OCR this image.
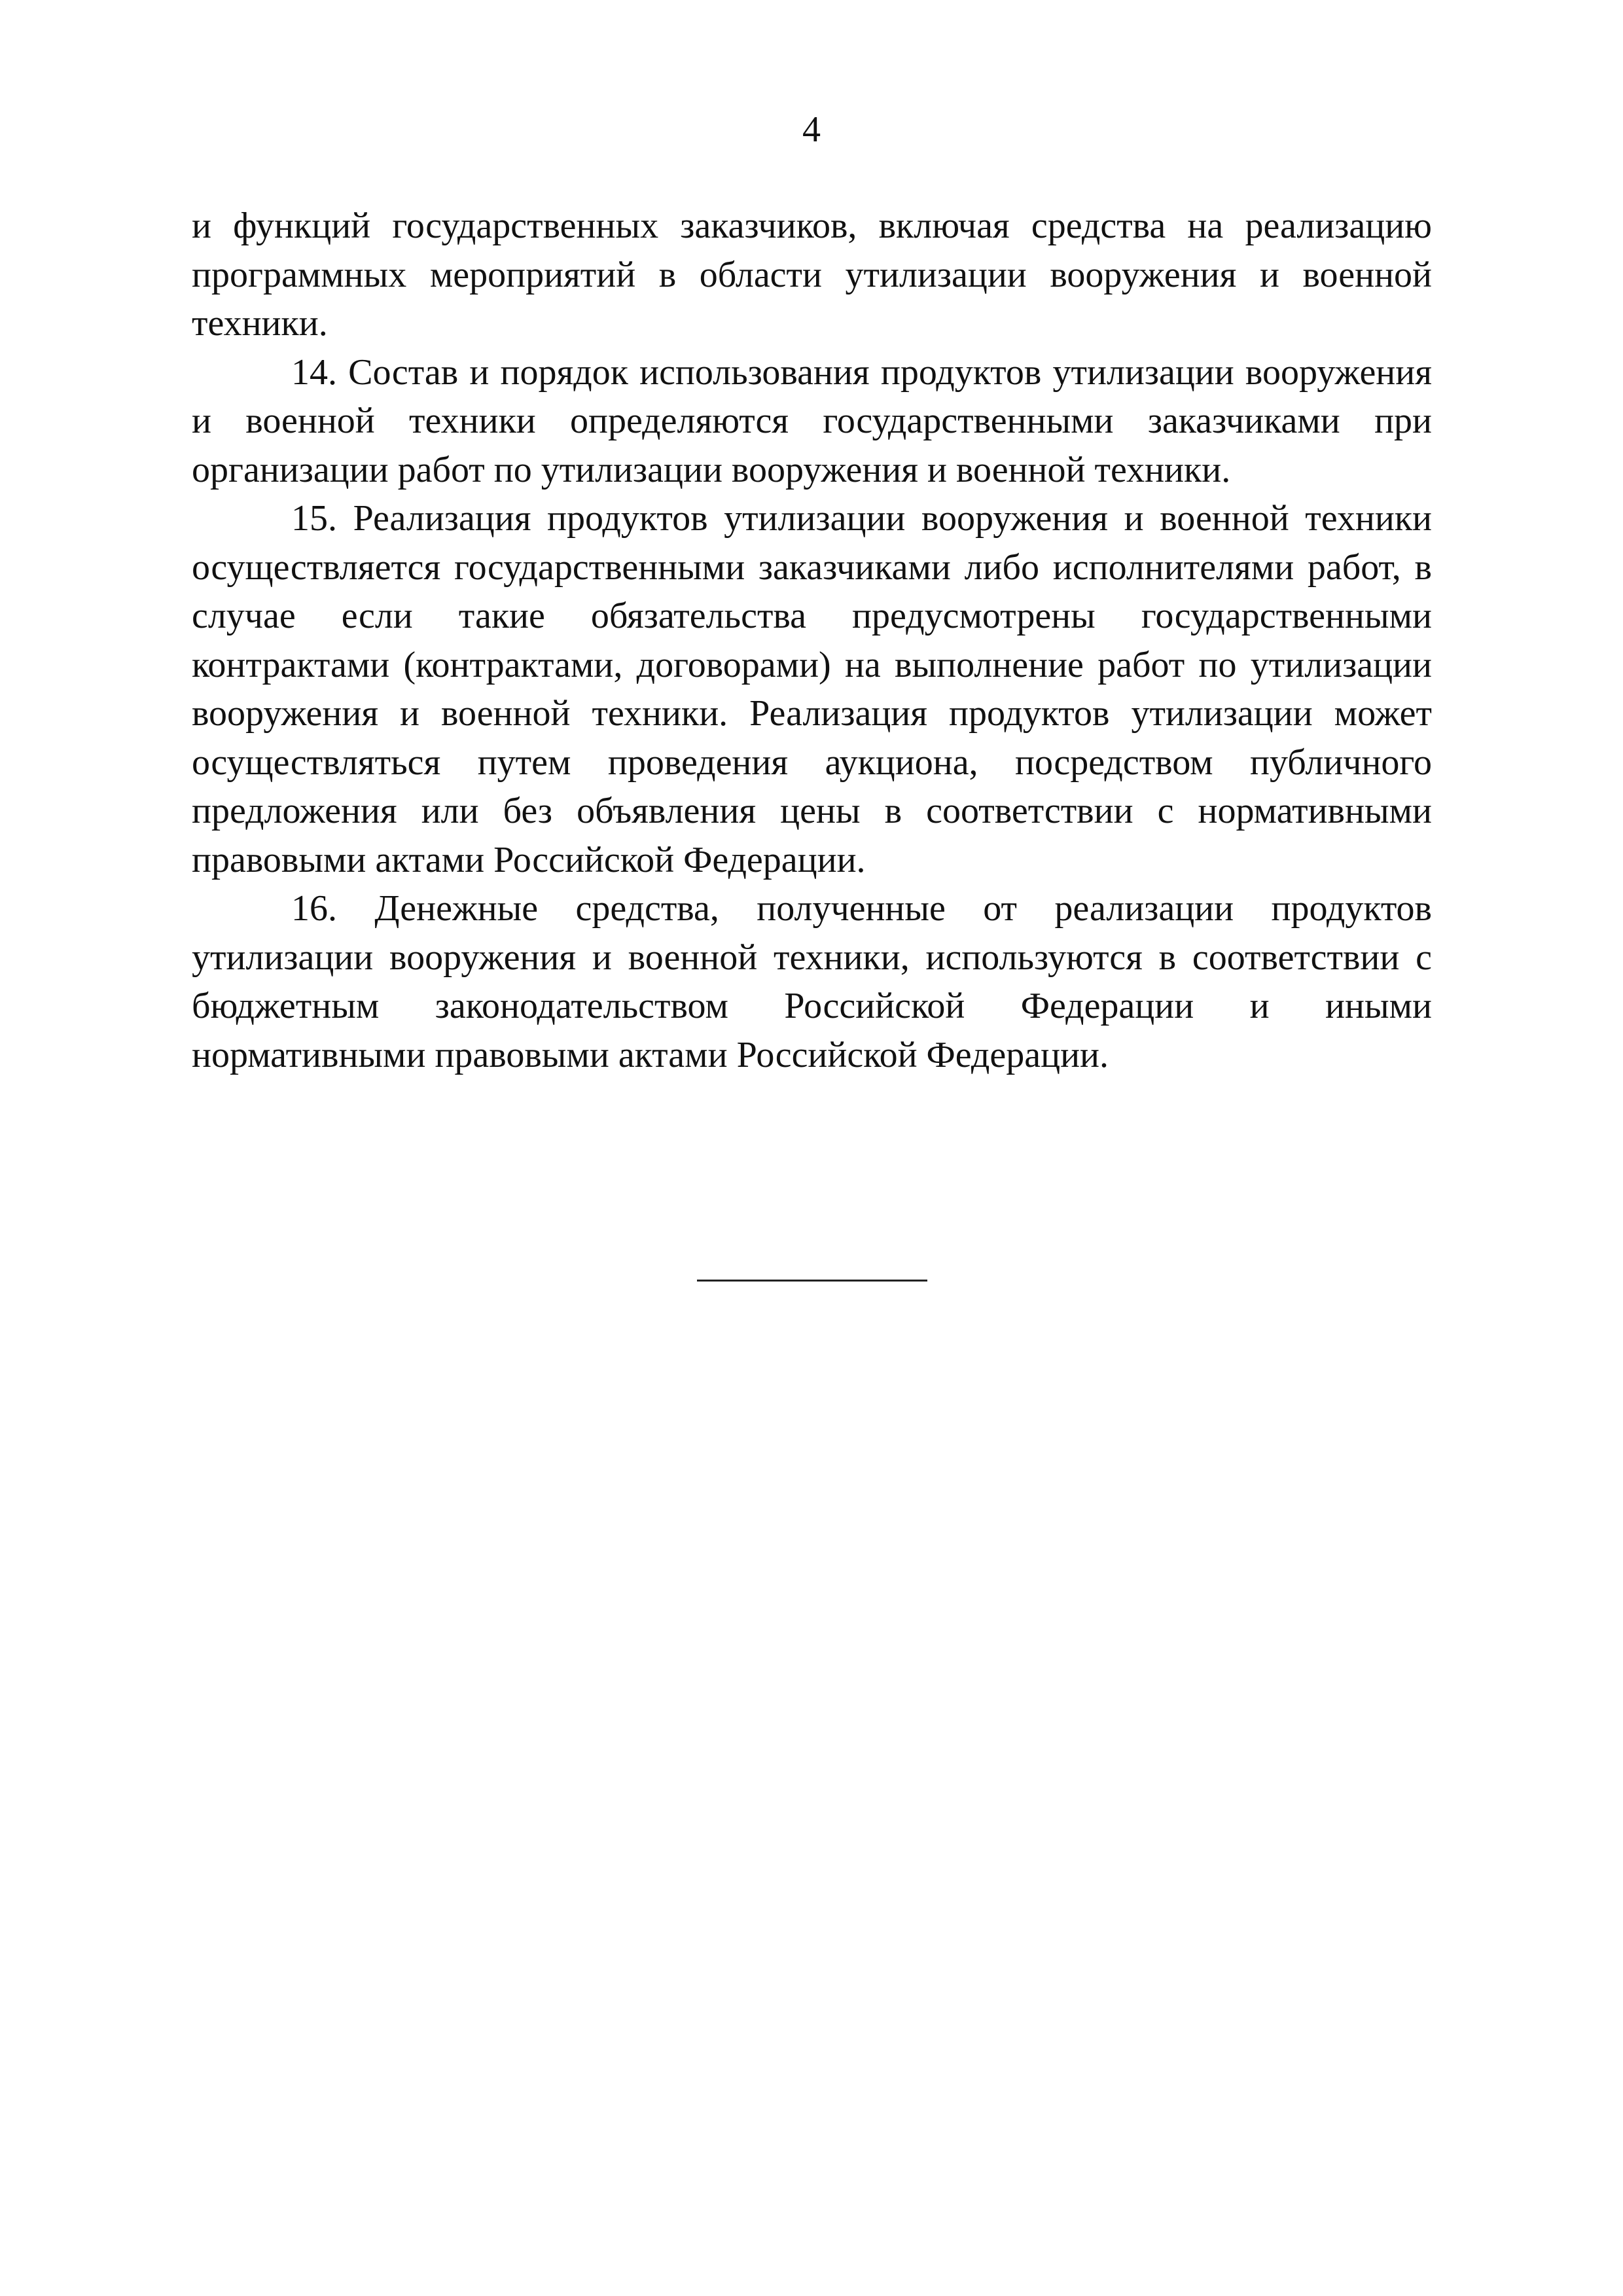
4

и функций государственных заказчиков, включая средства на реализацию программных мероприятий в области утилизации вооружения и военной техники.

14. Состав и порядок использования продуктов утилизации вооружения и военной техники определяются государственными заказчиками при организации работ по утилизации вооружения и военной техники.

15. Реализация продуктов утилизации вооружения и военной техники осуществляется государственными заказчиками либо исполнителями работ, в случае если такие обязательства предусмотрены государственными контрактами (контрактами, договорами) на выполнение работ по утилизации вооружения и военной техники. Реализация продуктов утилизации может осуществляться путем проведения аукциона, посредством публичного предложения или без объявления цены в соответствии с нормативными правовыми актами Российской Федерации.

16. Денежные средства, полученные от реализации продуктов утилизации вооружения и военной техники, используются в соответствии с бюджетным законодательством Российской Федерации и иными нормативными правовыми актами Российской Федерации.
